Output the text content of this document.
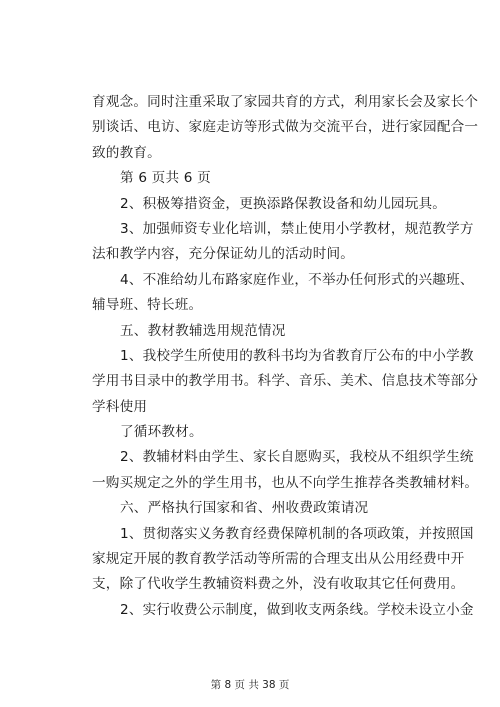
育观念。同时注重采取了家园共育的方式，利用家长会及家长个
别谈话、电访、家庭走访等形式做为交流平台，进行家园配合一
致的教育。
第 6 页共 6 页
2、积极筹措资金，更换添路保教设备和幼儿园玩具。
3、加强师资专业化培训，禁止使用小学教材，规范教学方
法和教学内容，充分保证幼儿的活动时间。
4、不准给幼儿布路家庭作业，不举办任何形式的兴趣班、
辅导班、特长班。
五、教材教辅选用规范情况
1、我校学生所使用的教科书均为省教育厅公布的中小学教
学用书目录中的教学用书。科学、音乐、美术、信息技术等部分
学科使用
了循环教材。
2、教辅材料由学生、家长自愿购买，我校从不组织学生统
一购买规定之外的学生用书，也从不向学生推荐各类教辅材料。
六、严格执行国家和省、州收费政策请况
1、贯彻落实义务教育经费保障机制的各项政策，并按照国
家规定开展的教育教学活动等所需的合理支出从公用经费中开
支，除了代收学生教辅资料费之外，没有收取其它任何费用。
2、实行收费公示制度，做到收支两条线。学校未设立小金
第 8 页 共 38 页
